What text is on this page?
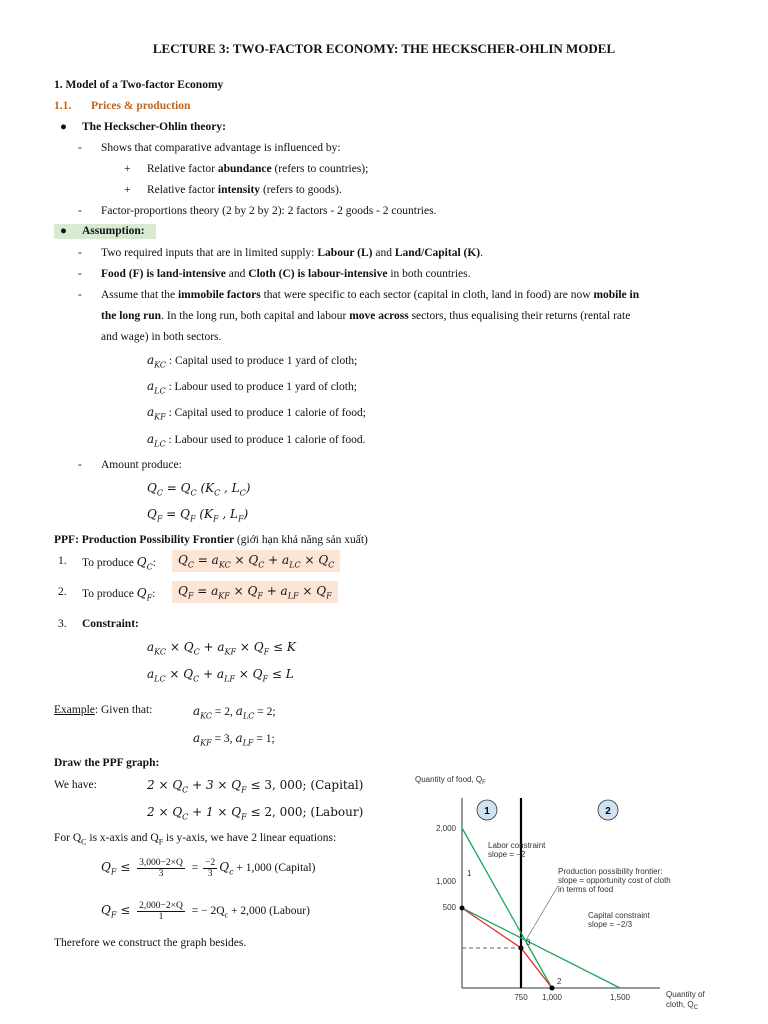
LECTURE 3: TWO-FACTOR ECONOMY: THE HECKSCHER-OHLIN MODEL
1. Model of a Two-factor Economy
1.1. Prices & production
● The Heckscher-Ohlin theory:
- Shows that comparative advantage is influenced by:
+ Relative factor abundance (refers to countries);
+ Relative factor intensity (refers to goods).
- Factor-proportions theory (2 by 2 by 2): 2 factors - 2 goods - 2 countries.
● Assumption:
- Two required inputs that are in limited supply: Labour (L) and Land/Capital (K).
- Food (F) is land-intensive and Cloth (C) is labour-intensive in both countries.
- Assume that the immobile factors that were specific to each sector (capital in cloth, land in food) are now mobile in
the long run. In the long run, both capital and labour move across sectors, thus equalising their returns (rental rate
and wage) in both sectors.
$a_{KC}$ : Capital used to produce 1 yard of cloth;
$a_{LC}$ : Labour used to produce 1 yard of cloth;
$a_{KF}$ : Capital used to produce 1 calorie of food;
$a_{LC}$ : Labour used to produce 1 calorie of food.
- Amount produce:
$Q_C = Q_C$ ($K_C$ , $L_C$)
$Q_F = Q_F$ ($K_F$ , $L_F$)
PPF: Production Possibility Frontier (giới hạn khả năng sản xuất)
1. To produce $Q_C$:	$Q_C = a_{KC} \times Q_C + a_{LC} \times Q_C$
2. To produce $Q_F$:	$Q_F = a_{KF} \times Q_F + a_{LF} \times Q_F$
3. Constraint:
$a_{KC} \times Q_C + a_{KF} \times Q_F \le K$
$a_{LC} \times Q_C + a_{LF} \times Q_F \le L$
Example: Given that:	$a_{KC} = 2$, $a_{LC} = 2$;
$a_{KF} = 3$, $a_{LF} = 1$;
Draw the PPF graph:
We have:	$2 \times Q_C + 3 \times Q_F \le 3$, 000; (Capital)
$2 \times Q_C + 1 \times Q_F \le 2$, 000; (Labour)
For $Q_C$ is x-axis and $Q_F$ is y-axis, we have 2 linear equations:
$Q_F \le \frac{3,000-2\times Q}{3} = \frac{-2}{3} Q_c + 1,000$ (Capital)
$Q_F \le \frac{2,000-2\times Q}{1}$ = − $2Q_c + 2,000$ (Labour)
Therefore we construct the graph besides.
1	2
1
3
2
Quantity of food, $Q_F$
2,000
1,000
500
750 1,000	1,500	Quantity of
cloth, $Q_C$
Labor constraint
slope = −2
Production possibility frontier:
slope = opportunity cost of cloth
in terms of food
Capital constraint
slope = −2/3
